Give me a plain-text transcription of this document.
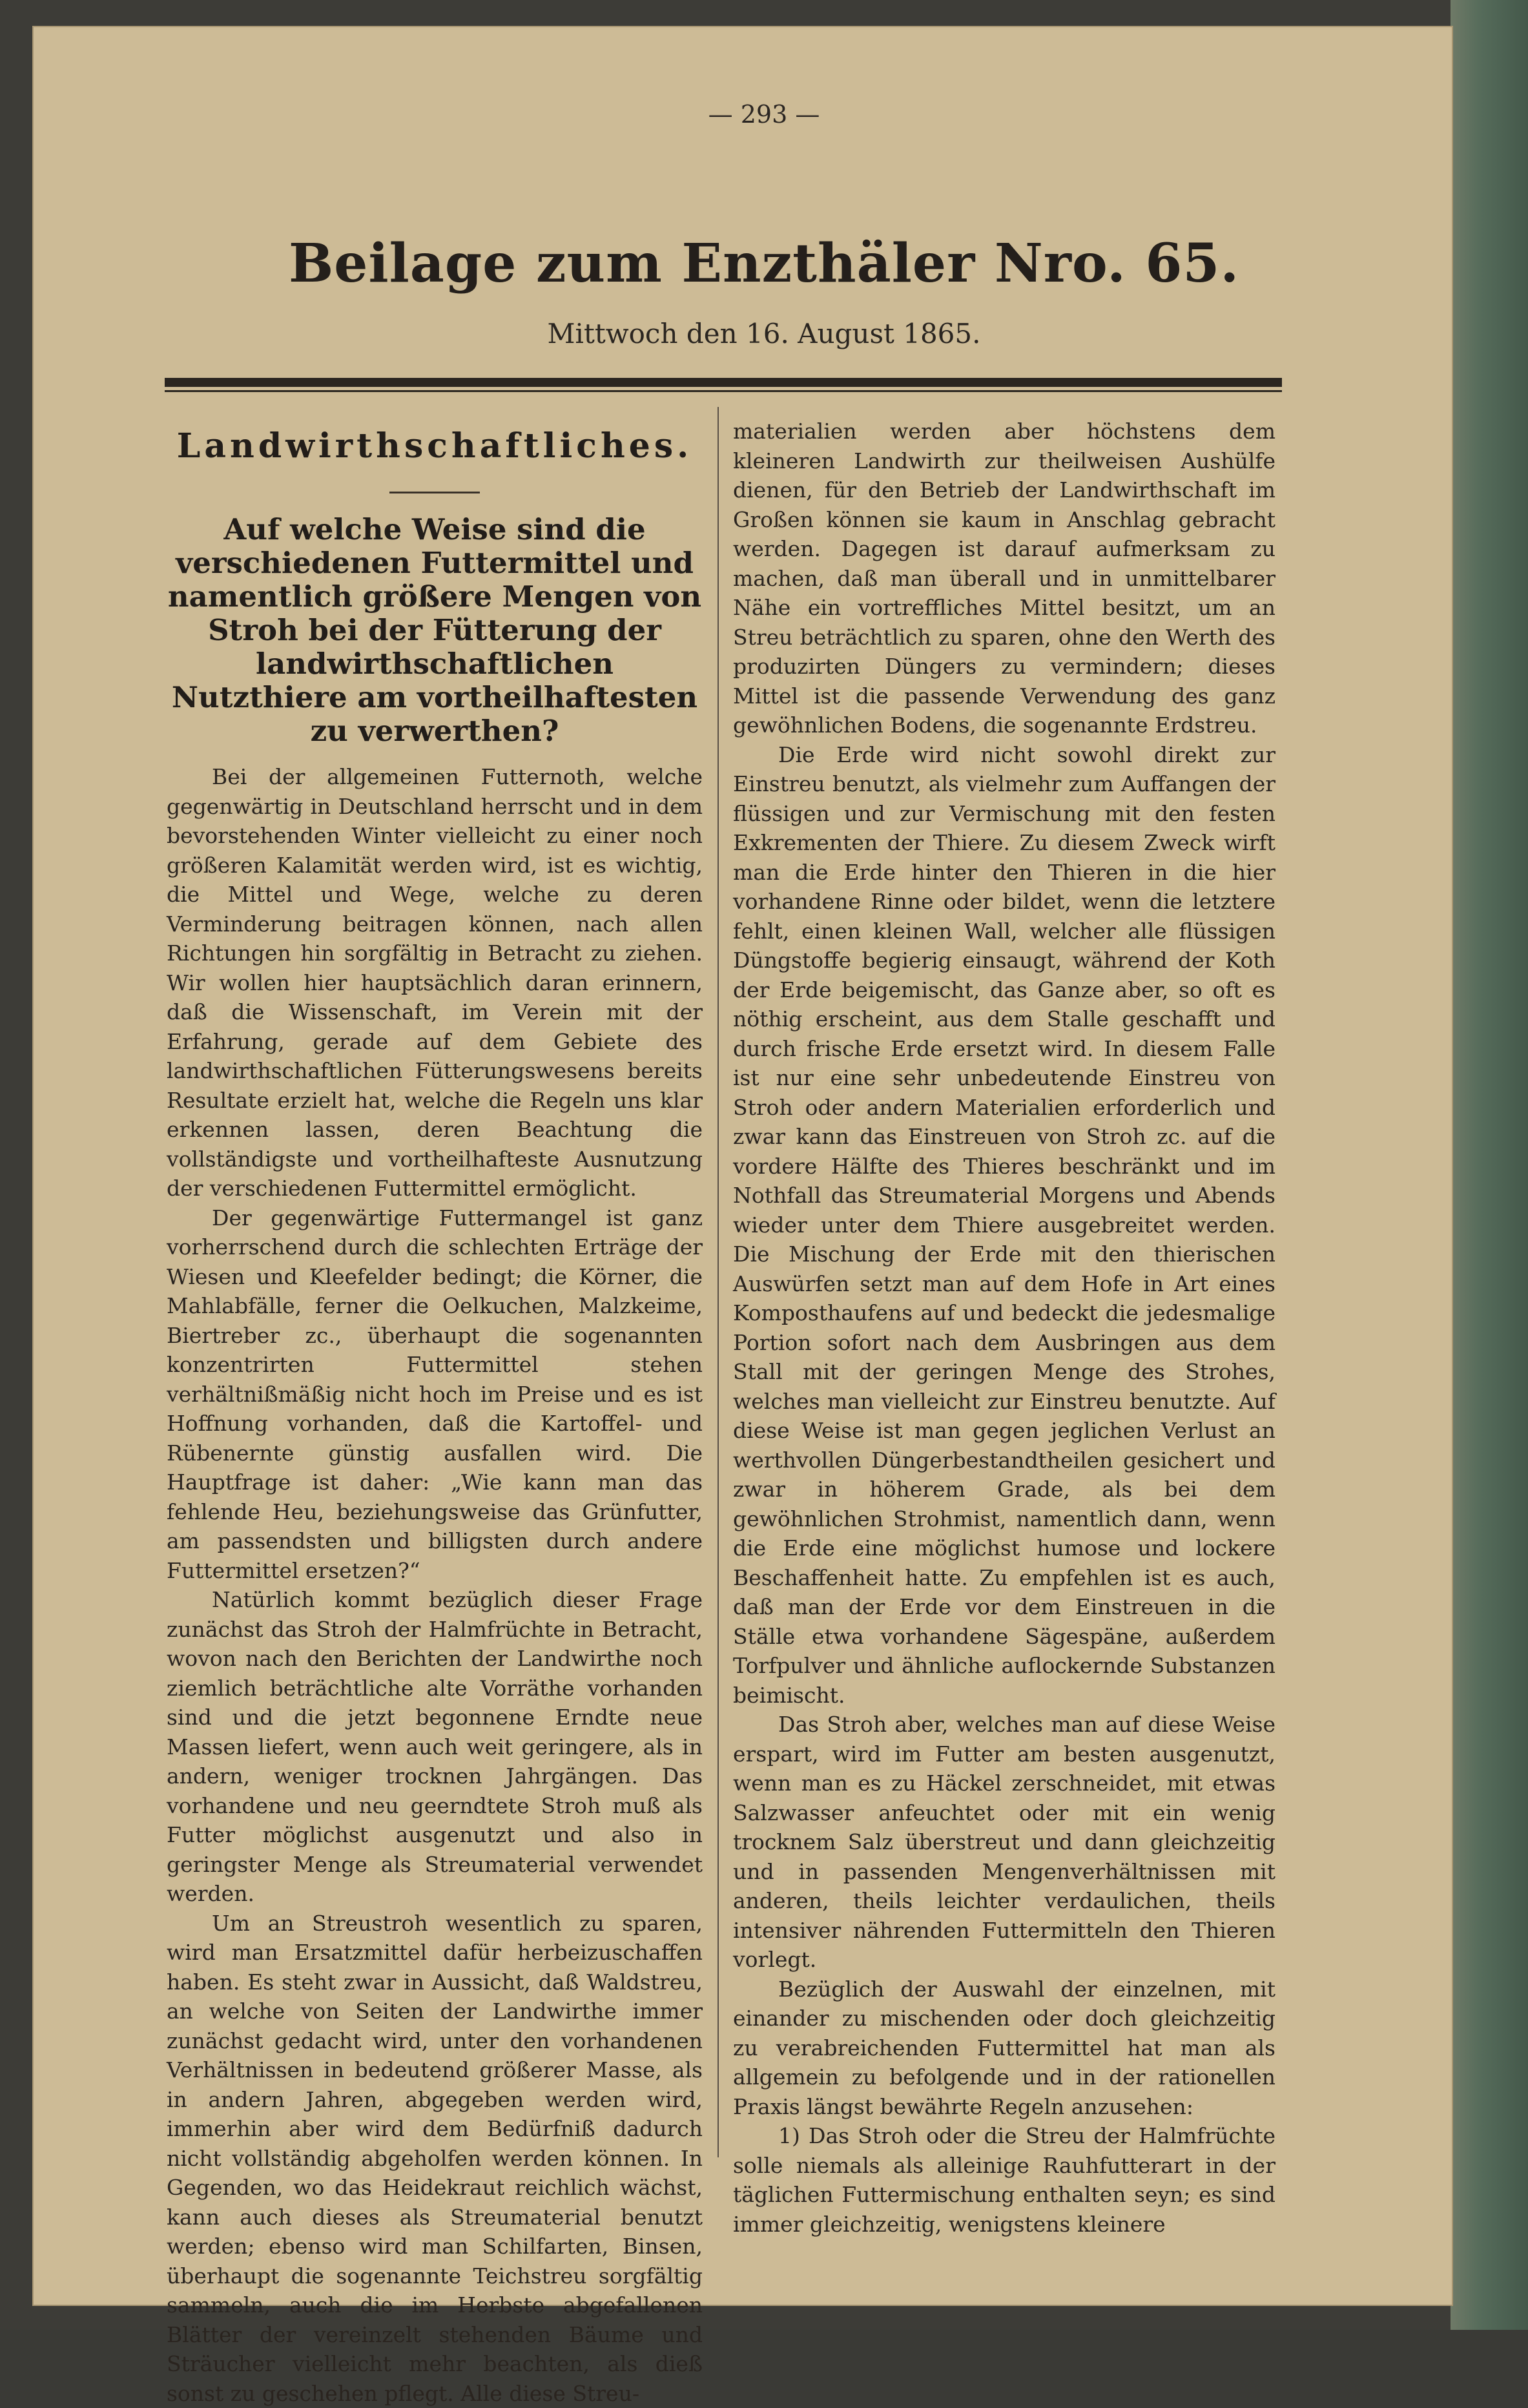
— 293 —
Beilage zum Enzthäler Nro. 65.
Mittwoch den 16. August 1865.
Landwirthschaftliches.
Auf welche Weise sind die verschiedenen Futtermittel und namentlich größere Mengen von Stroh bei der Fütterung der landwirthschaftlichen Nutzthiere am vortheilhaftesten zu verwerthen?

Bei der allgemeinen Futternoth, welche gegenwärtig in Deutschland herrscht und in dem bevorstehenden Winter vielleicht zu einer noch größeren Kalamität werden wird, ist es wichtig, die Mittel und Wege, welche zu deren Verminderung beitragen können, nach allen Richtungen hin sorgfältig in Betracht zu ziehen. Wir wollen hier hauptsächlich daran erinnern, daß die Wissenschaft, im Verein mit der Erfahrung, gerade auf dem Gebiete des landwirthschaftlichen Fütterungswesens bereits Resultate erzielt hat, welche die Regeln uns klar erkennen lassen, deren Beachtung die vollständigste und vortheilhafteste Ausnutzung der verschiedenen Futtermittel ermöglicht.

Der gegenwärtige Futtermangel ist ganz vorherrschend durch die schlechten Erträge der Wiesen und Kleefelder bedingt; die Körner, die Mahlabfälle, ferner die Oelkuchen, Malzkeime, Biertreber zc., überhaupt die sogenannten konzentrirten Futtermittel stehen verhältnißmäßig nicht hoch im Preise und es ist Hoffnung vorhanden, daß die Kartoffel- und Rübenernte günstig ausfallen wird. Die Hauptfrage ist daher: „Wie kann man das fehlende Heu, beziehungsweise das Grünfutter, am passendsten und billigsten durch andere Futtermittel ersetzen?“

Natürlich kommt bezüglich dieser Frage zunächst das Stroh der Halmfrüchte in Betracht, wovon nach den Berichten der Landwirthe noch ziemlich beträchtliche alte Vorräthe vorhanden sind und die jetzt begonnene Erndte neue Massen liefert, wenn auch weit geringere, als in andern, weniger trocknen Jahrgängen. Das vorhandene und neu geerndtete Stroh muß als Futter möglichst ausgenutzt und also in geringster Menge als Streumaterial verwendet werden.

Um an Streustroh wesentlich zu sparen, wird man Ersatzmittel dafür herbeizuschaffen haben. Es steht zwar in Aussicht, daß Waldstreu, an welche von Seiten der Landwirthe immer zunächst gedacht wird, unter den vorhandenen Verhältnissen in bedeutend größerer Masse, als in andern Jahren, abgegeben werden wird, immerhin aber wird dem Bedürfniß dadurch nicht vollständig abgeholfen werden können. In Gegenden, wo das Heidekraut reichlich wächst, kann auch dieses als Streumaterial benutzt werden; ebenso wird man Schilfarten, Binsen, überhaupt die sogenannte Teichstreu sorgfältig sammeln, auch die im Herbste abgefallenen Blätter der vereinzelt stehenden Bäume und Sträucher vielleicht mehr beachten, als dieß sonst zu geschehen pflegt. Alle diese Streu-

materialien werden aber höchstens dem kleineren Landwirth zur theilweisen Aushülfe dienen, für den Betrieb der Landwirthschaft im Großen können sie kaum in Anschlag gebracht werden. Dagegen ist darauf aufmerksam zu machen, daß man überall und in unmittelbarer Nähe ein vortreffliches Mittel besitzt, um an Streu beträchtlich zu sparen, ohne den Werth des produzirten Düngers zu vermindern; dieses Mittel ist die passende Verwendung des ganz gewöhnlichen Bodens, die sogenannte Erdstreu.

Die Erde wird nicht sowohl direkt zur Einstreu benutzt, als vielmehr zum Auffangen der flüssigen und zur Vermischung mit den festen Exkrementen der Thiere. Zu diesem Zweck wirft man die Erde hinter den Thieren in die hier vorhandene Rinne oder bildet, wenn die letztere fehlt, einen kleinen Wall, welcher alle flüssigen Düngstoffe begierig einsaugt, während der Koth der Erde beigemischt, das Ganze aber, so oft es nöthig erscheint, aus dem Stalle geschafft und durch frische Erde ersetzt wird. In diesem Falle ist nur eine sehr unbedeutende Einstreu von Stroh oder andern Materialien erforderlich und zwar kann das Einstreuen von Stroh zc. auf die vordere Hälfte des Thieres beschränkt und im Nothfall das Streumaterial Morgens und Abends wieder unter dem Thiere ausgebreitet werden. Die Mischung der Erde mit den thierischen Auswürfen setzt man auf dem Hofe in Art eines Komposthaufens auf und bedeckt die jedesmalige Portion sofort nach dem Ausbringen aus dem Stall mit der geringen Menge des Strohes, welches man vielleicht zur Einstreu benutzte. Auf diese Weise ist man gegen jeglichen Verlust an werthvollen Düngerbestandtheilen gesichert und zwar in höherem Grade, als bei dem gewöhnlichen Strohmist, namentlich dann, wenn die Erde eine möglichst humose und lockere Beschaffenheit hatte. Zu empfehlen ist es auch, daß man der Erde vor dem Einstreuen in die Ställe etwa vorhandene Sägespäne, außerdem Torfpulver und ähnliche auflockernde Substanzen beimischt.

Das Stroh aber, welches man auf diese Weise erspart, wird im Futter am besten ausgenutzt, wenn man es zu Häckel zerschneidet, mit etwas Salzwasser anfeuchtet oder mit ein wenig trocknem Salz überstreut und dann gleichzeitig und in passenden Mengenverhältnissen mit anderen, theils leichter verdaulichen, theils intensiver nährenden Futtermitteln den Thieren vorlegt.

Bezüglich der Auswahl der einzelnen, mit einander zu mischenden oder doch gleichzeitig zu verabreichenden Futtermittel hat man als allgemein zu befolgende und in der rationellen Praxis längst bewährte Regeln anzusehen:

1) Das Stroh oder die Streu der Halmfrüchte solle niemals als alleinige Rauhfutterart in der täglichen Futtermischung enthalten seyn; es sind immer gleichzeitig, wenigstens kleinere
